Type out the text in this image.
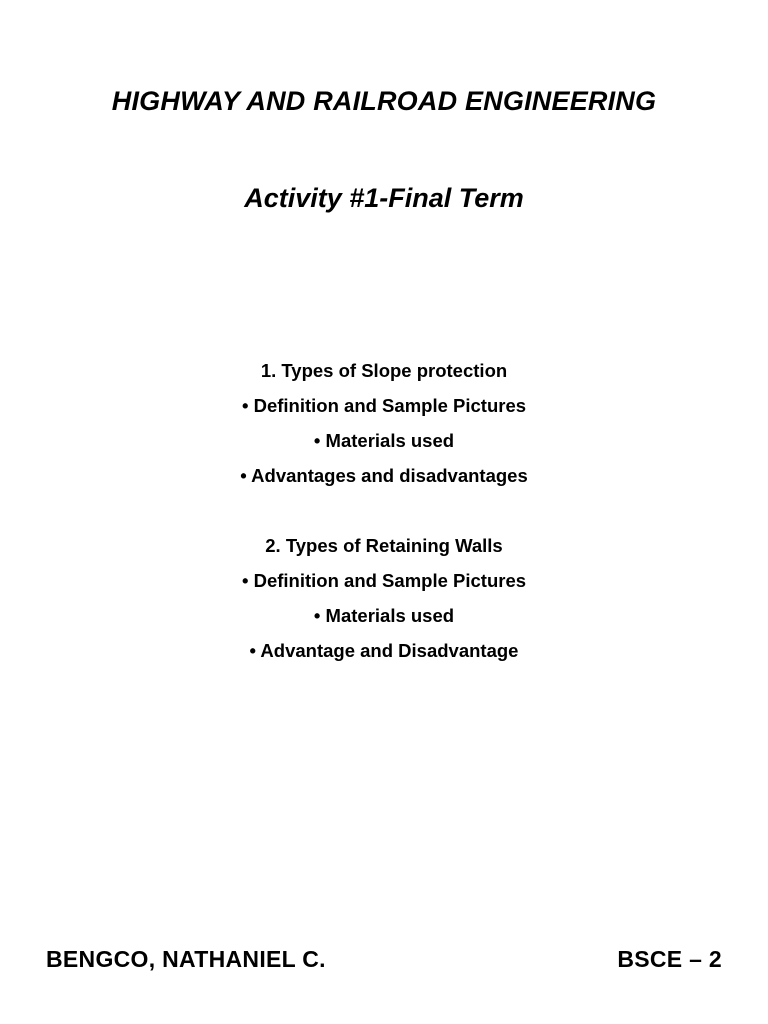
HIGHWAY AND RAILROAD ENGINEERING
Activity #1-Final Term
1. Types of Slope protection
• Definition and Sample Pictures
• Materials used
• Advantages and disadvantages
2. Types of Retaining Walls
• Definition and Sample Pictures
• Materials used
• Advantage and Disadvantage
BENGCO, NATHANIEL C.	BSCE – 2
